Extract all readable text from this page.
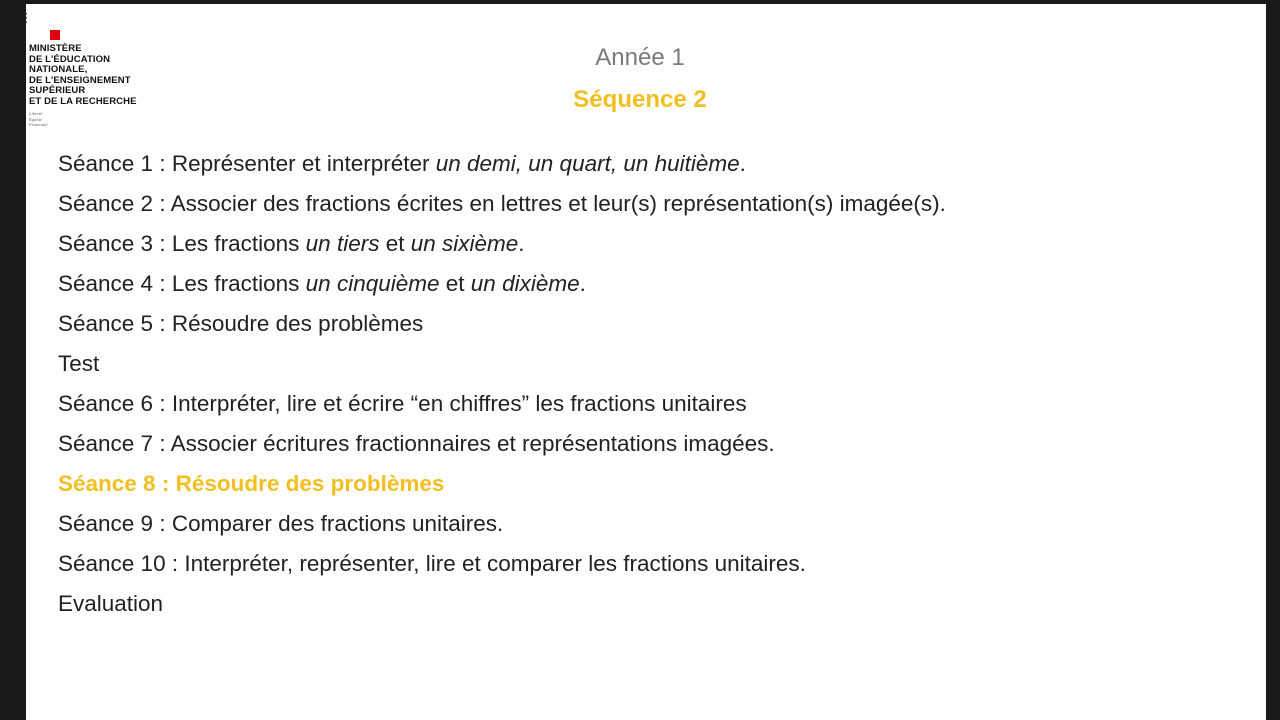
⋮
MINISTÈRE
DE L'ÉDUCATION
NATIONALE,
DE L'ENSEIGNEMENT
SUPÉRIEUR
ET DE LA RECHERCHE
Liberté
Égalité
Fraternité
Année 1
Séquence 2
Séance 1 : Représenter et interpréter un demi, un quart, un huitième.
Séance 2 : Associer des fractions écrites en lettres et leur(s) représentation(s) imagée(s).
Séance 3 : Les fractions un tiers et un sixième.
Séance 4 : Les fractions un cinquième et un dixième.
Séance 5 : Résoudre des problèmes
Test
Séance 6 : Interpréter, lire et écrire “en chiffres” les fractions unitaires
Séance 7 : Associer écritures fractionnaires et représentations imagées.
Séance 8 : Résoudre des problèmes
Séance 9 : Comparer des fractions unitaires.
Séance 10 : Interpréter, représenter, lire et comparer les fractions unitaires.
Evaluation
